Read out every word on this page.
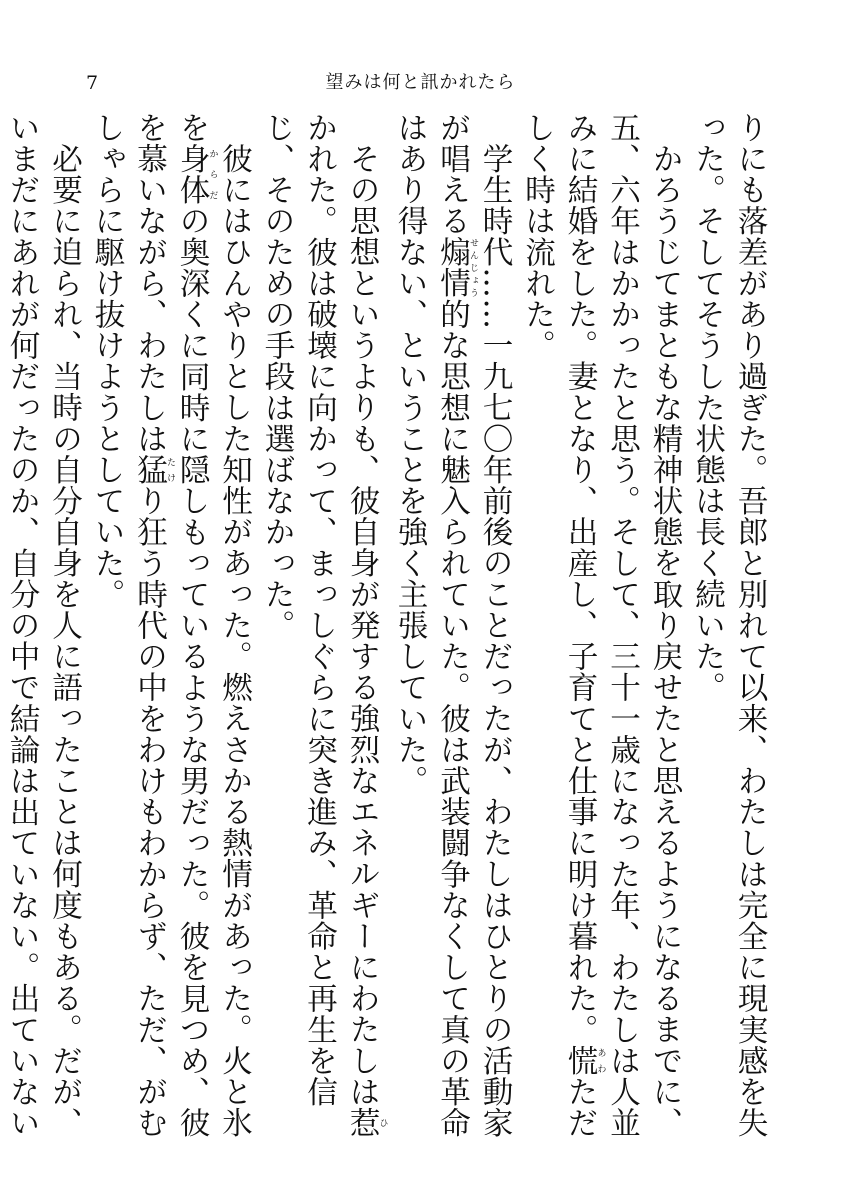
7	望みは何と訊かれたら

りにも落差があり過ぎた。吾郎と別れて以来、わたしは完全に現実感を失った。そしてそうした状態は長く続いた。

かろうじてまともな精神状態を取り戻せたと思えるようになるまでに、五、六年はかかったと思う。そして、三十一歳になった年、わたしは人並みに結婚をした。妻となり、出産し、子育てと仕事に明け暮れた。慌あわただしく時は流れた。

学生時代……一九七〇年前後のことだったが、わたしはひとりの活動家が唱える煽情せんじょう的な思想に魅入られていた。彼は武装闘争なくして真の革命はあり得ない、ということを強く主張していた。

その思想というよりも、彼自身が発する強烈なエネルギーにわたしは惹ひかれた。彼は破壊に向かって、まっしぐらに突き進み、革命と再生を信じ、そのための手段は選ばなかった。

彼にはひんやりとした知性があった。燃えさかる熱情があった。火と氷を身体からだの奥深くに同時に隠しもっているような男だった。彼を見つめ、彼を慕いながら、わたしは猛たけり狂う時代の中をわけもわからず、ただ、がむしゃらに駆け抜けようとしていた。

必要に迫られ、当時の自分自身を人に語ったことは何度もある。だが、いまだにあれが何だったのか、自分の中で結論は出ていない。出ていない
